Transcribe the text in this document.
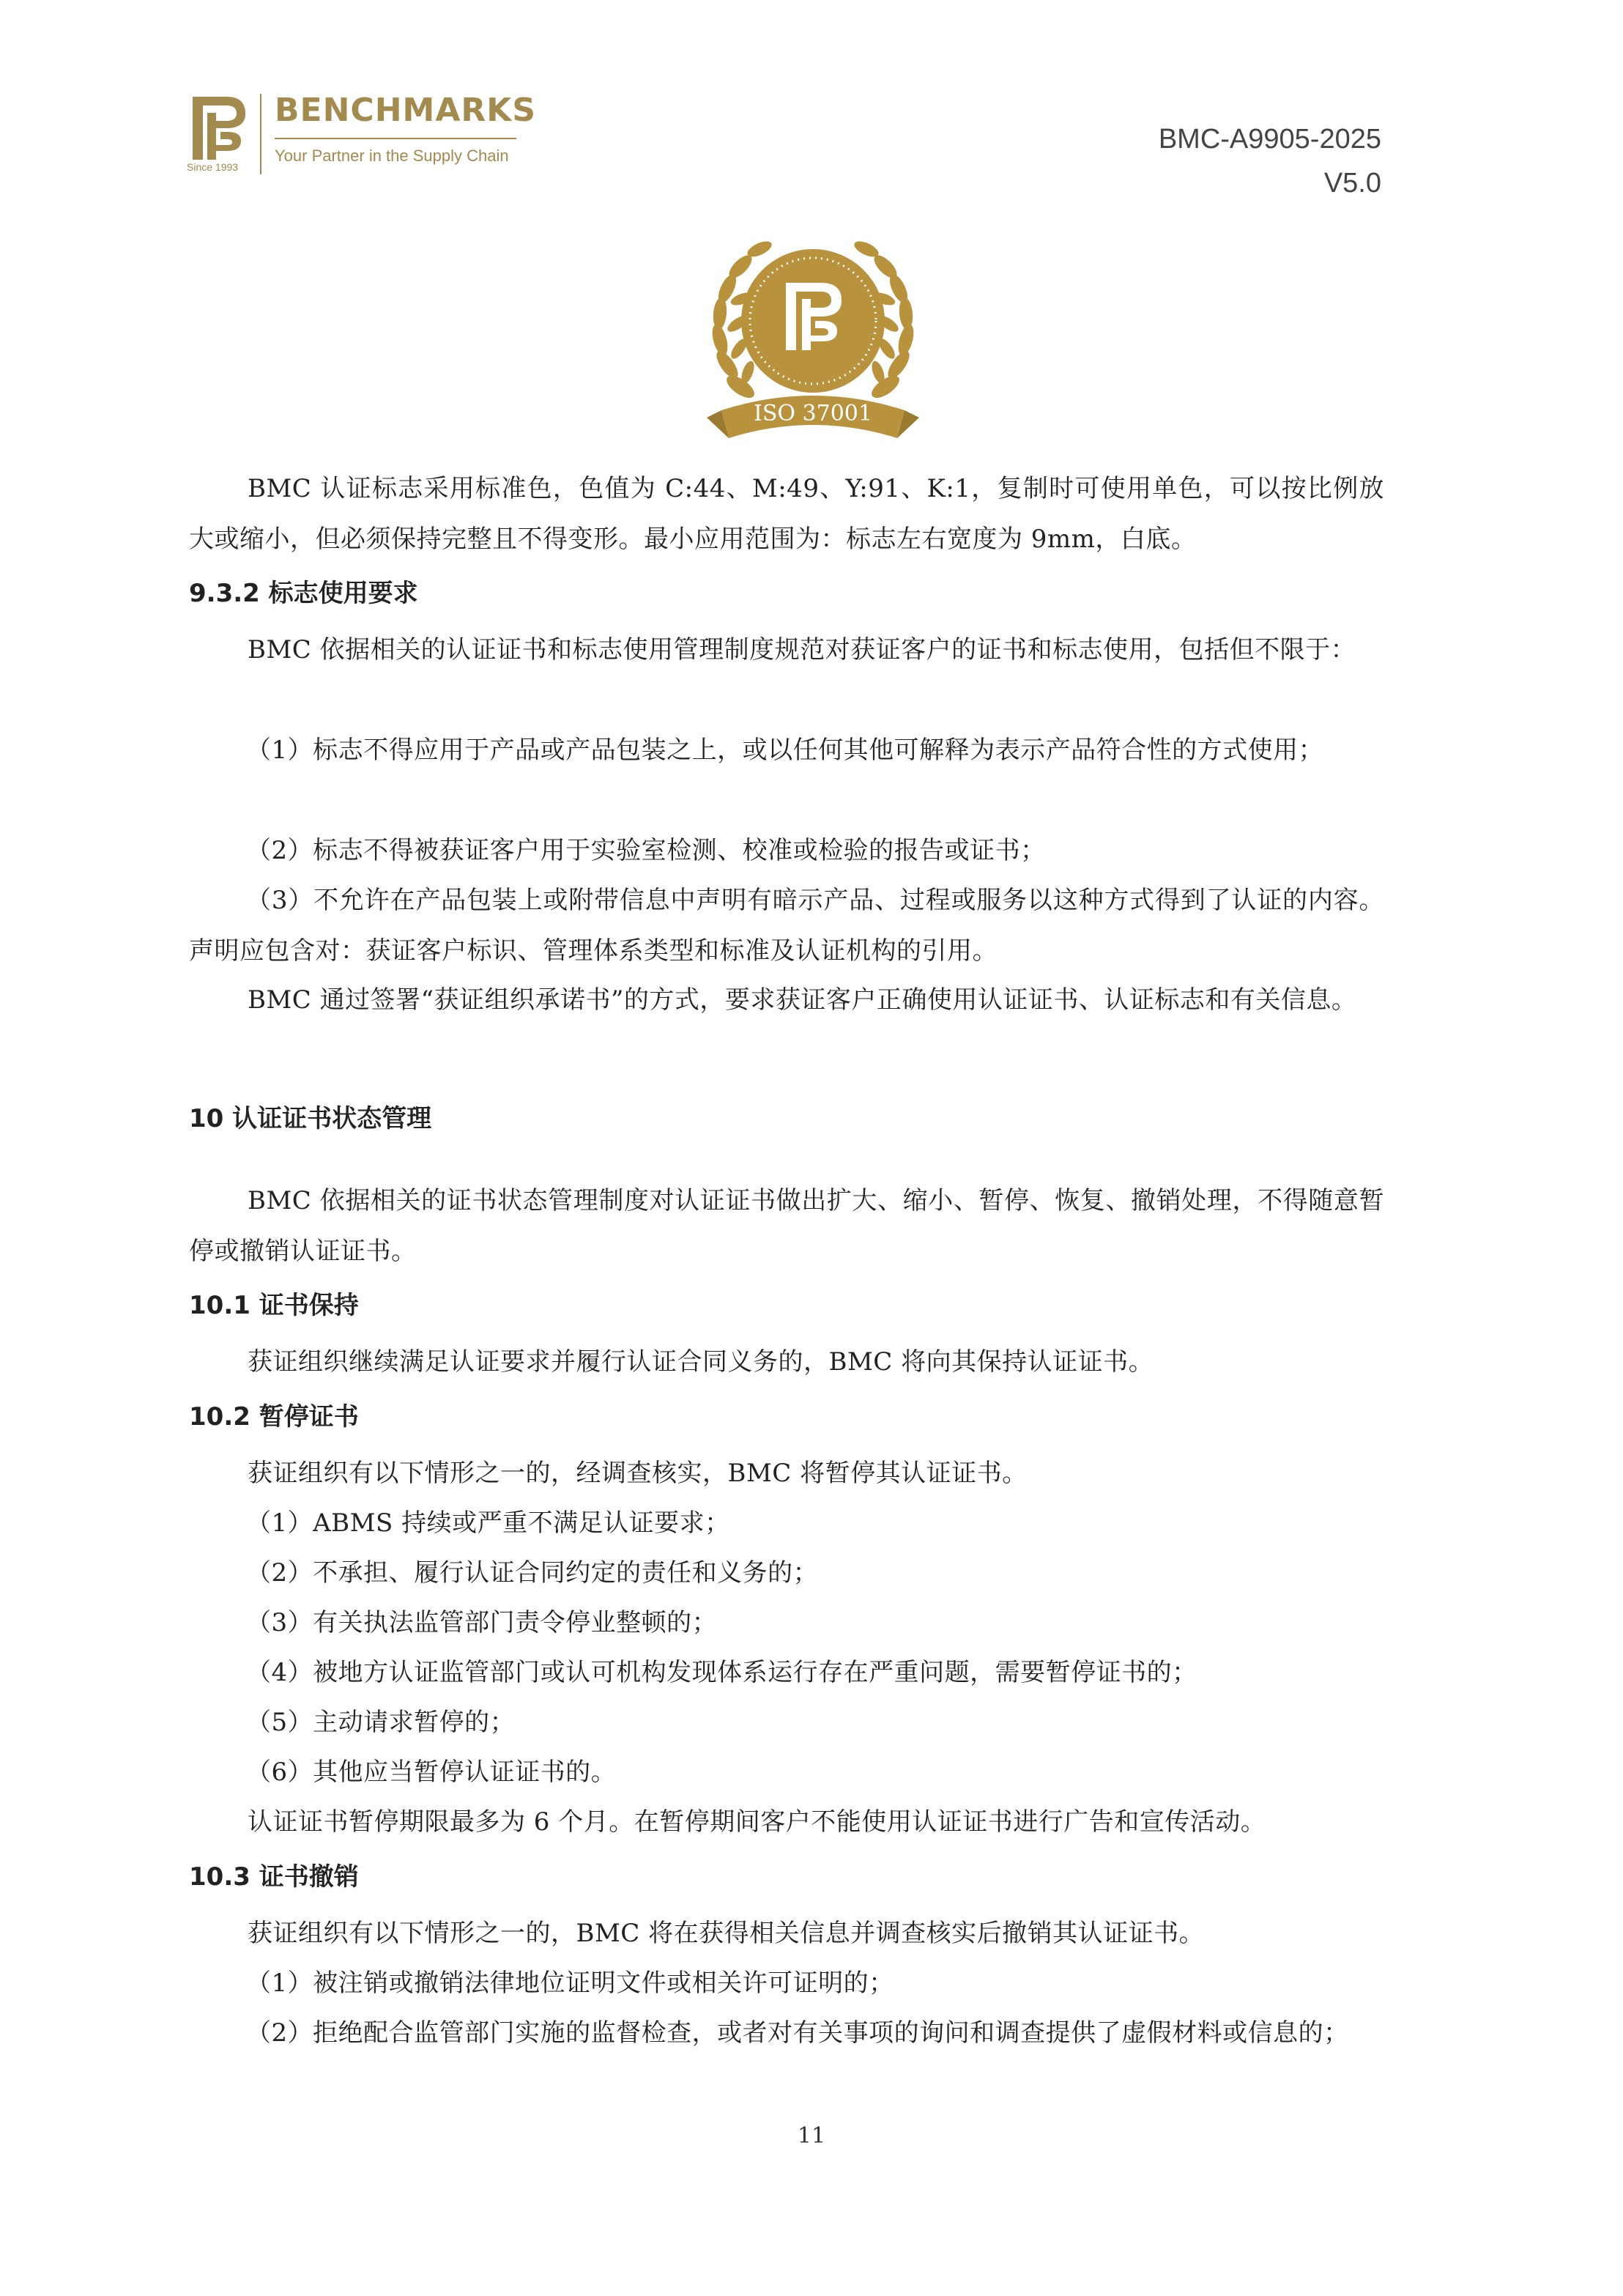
Since 1993
BENCHMARKS
Your Partner in the Supply Chain
BMC-A9905-2025
V5.0
ISO 37001

BMC 认证标志采用标准色，色值为 C:44、M:49、Y:91、K:1，复制时可使用单色，可以按比例放大或缩小，但必须保持完整且不得变形。最小应用范围为：标志左右宽度为 9mm，白底。

9.3.2 标志使用要求

BMC 依据相关的认证证书和标志使用管理制度规范对获证客户的证书和标志使用，包括但不限于：

（1）标志不得应用于产品或产品包装之上，或以任何其他可解释为表示产品符合性的方式使用；

（2）标志不得被获证客户用于实验室检测、校准或检验的报告或证书；

（3）不允许在产品包装上或附带信息中声明有暗示产品、过程或服务以这种方式得到了认证的内容。声明应包含对：获证客户标识、管理体系类型和标准及认证机构的引用。

BMC 通过签署“获证组织承诺书”的方式，要求获证客户正确使用认证证书、认证标志和有关信息。

10 认证证书状态管理

BMC 依据相关的证书状态管理制度对认证证书做出扩大、缩小、暂停、恢复、撤销处理，不得随意暂停或撤销认证证书。

10.1 证书保持

获证组织继续满足认证要求并履行认证合同义务的，BMC 将向其保持认证证书。

10.2 暂停证书

获证组织有以下情形之一的，经调查核实，BMC 将暂停其认证证书。

（1）ABMS 持续或严重不满足认证要求；

（2）不承担、履行认证合同约定的责任和义务的；

（3）有关执法监管部门责令停业整顿的；

（4）被地方认证监管部门或认可机构发现体系运行存在严重问题，需要暂停证书的；

（5）主动请求暂停的；

（6）其他应当暂停认证证书的。

认证证书暂停期限最多为 6 个月。在暂停期间客户不能使用认证证书进行广告和宣传活动。

10.3 证书撤销

获证组织有以下情形之一的，BMC 将在获得相关信息并调查核实后撤销其认证证书。

（1）被注销或撤销法律地位证明文件或相关许可证明的；

（2）拒绝配合监管部门实施的监督检查，或者对有关事项的询问和调查提供了虚假材料或信息的；

11
